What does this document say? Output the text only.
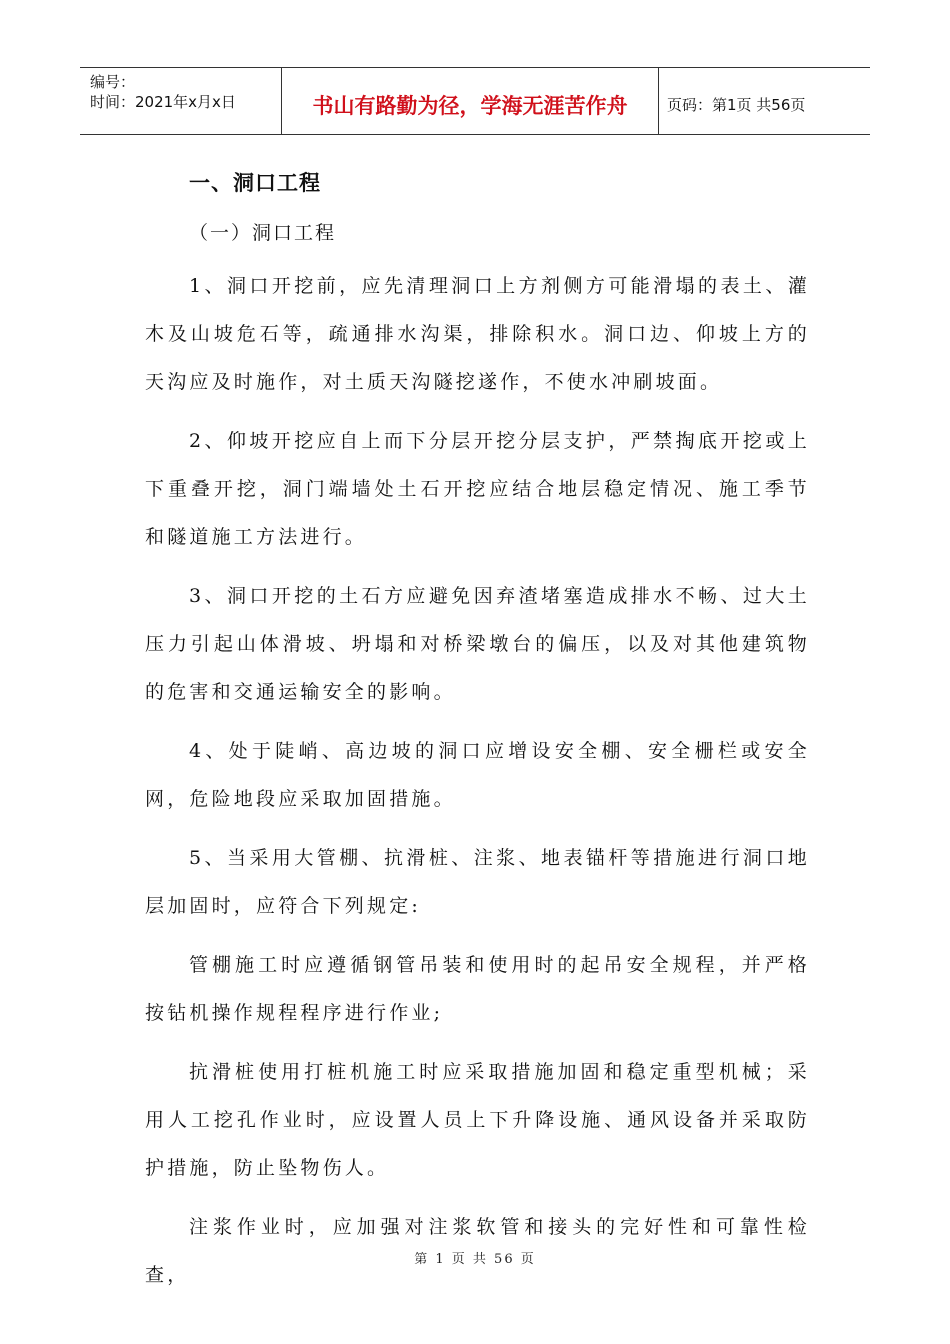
编号：
时间：2021年x月x日	书山有路勤为径，学海无涯苦作舟	页码：第1页 共56页
一、洞口工程
（一）洞口工程

1、洞口开挖前，应先清理洞口上方剂侧方可能滑塌的表土、灌木及山坡危石等，疏通排水沟渠，排除积水。洞口边、仰坡上方的天沟应及时施作，对土质天沟隧挖遂作，不使水冲刷坡面。

2、仰坡开挖应自上而下分层开挖分层支护，严禁掏底开挖或上下重叠开挖，洞门端墙处土石开挖应结合地层稳定情况、施工季节和隧道施工方法进行。

3、洞口开挖的土石方应避免因弃渣堵塞造成排水不畅、过大土压力引起山体滑坡、坍塌和对桥梁墩台的偏压，以及对其他建筑物的危害和交通运输安全的影响。

4、处于陡峭、高边坡的洞口应增设安全棚、安全栅栏或安全网，危险地段应采取加固措施。

5、当采用大管棚、抗滑桩、注浆、地表锚杆等措施进行洞口地层加固时，应符合下列规定:

管棚施工时应遵循钢管吊装和使用时的起吊安全规程，并严格按钻机操作规程程序进行作业;

抗滑桩使用打桩机施工时应采取措施加固和稳定重型机械；采用人工挖孔作业时，应设置人员上下升降设施、通风设备并采取防护措施，防止坠物伤人。

注浆作业时，应加强对注浆软管和接头的完好性和可靠性检查，

第 1 页 共 56 页
